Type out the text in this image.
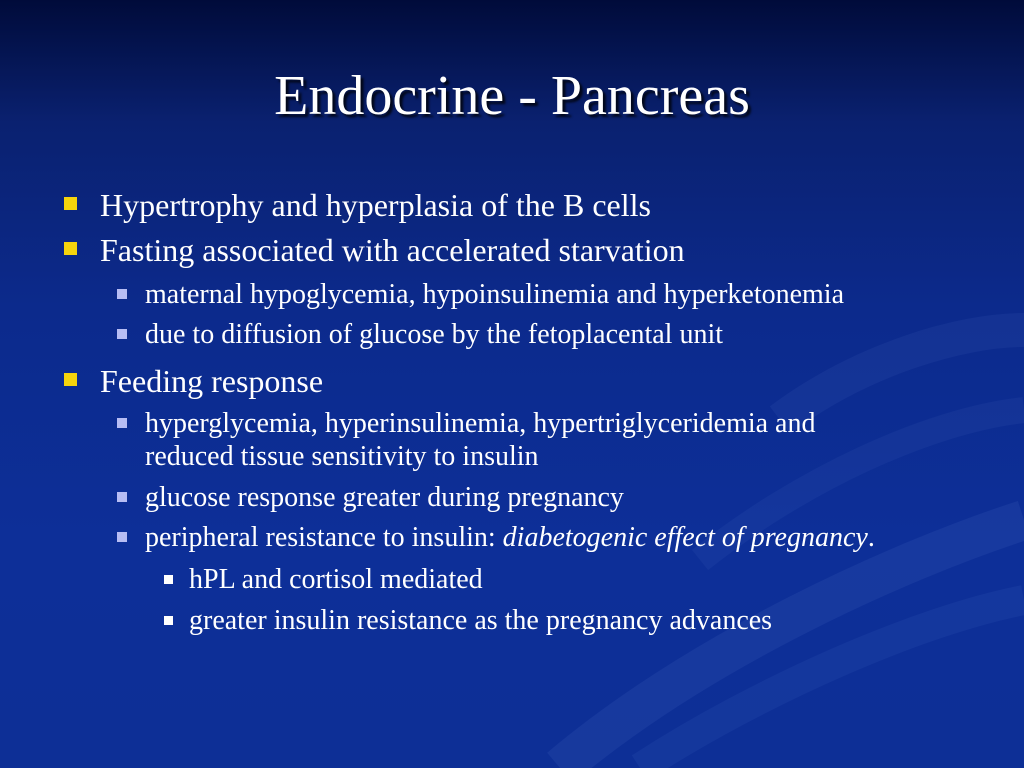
Endocrine - Pancreas
Hypertrophy and hyperplasia of the B cells
Fasting associated with accelerated starvation
maternal hypoglycemia, hypoinsulinemia and hyperketonemia
due to diffusion of glucose by the fetoplacental unit
Feeding response
hyperglycemia, hyperinsulinemia, hypertriglyceridemia and
reduced tissue sensitivity to insulin
glucose response greater during pregnancy
peripheral resistance to insulin: diabetogenic effect of pregnancy.
hPL and cortisol mediated
greater insulin resistance as the pregnancy advances
